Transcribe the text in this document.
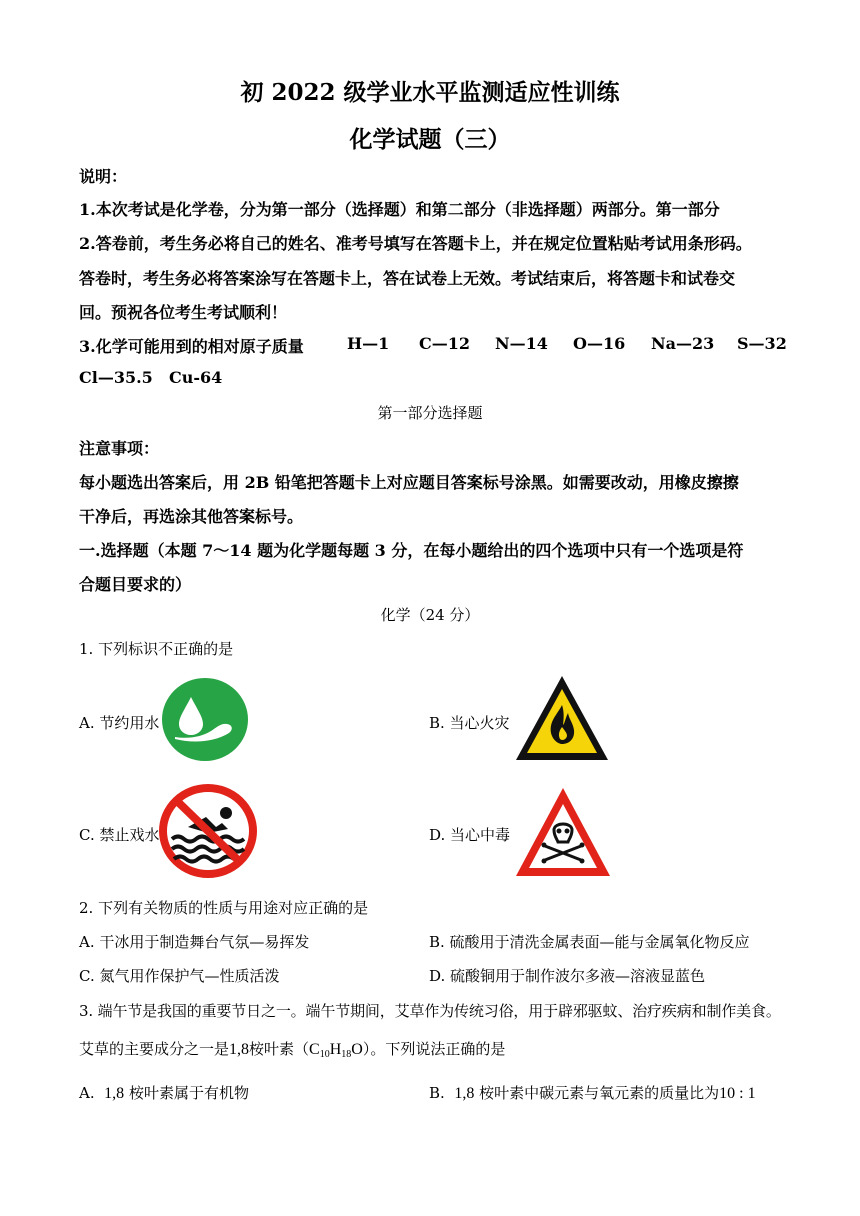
初 2022 级学业水平监测适应性训练
化学试题（三）
说明：
1.本次考试是化学卷，分为第一部分（选择题）和第二部分（非选择题）两部分。第一部分
2.答卷前，考生务必将自己的姓名、准考号填写在答题卡上，并在规定位置粘贴考试用条形码。
答卷时，考生务必将答案涂写在答题卡上，答在试卷上无效。考试结束后，将答题卡和试卷交
回。预祝各位考生考试顺利！
3.化学可能用到的相对原子质量	H—1 C—12 N—14 O—16 Na—23 S—32
Cl—35.5 Cu-64
第一部分选择题
注意事项：
每小题选出答案后，用 2B 铅笔把答题卡上对应题目答案标号涂黑。如需要改动，用橡皮擦擦
干净后，再选涂其他答案标号。
一.选择题（本题 7～14 题为化学题每题 3 分，在每小题给出的四个选项中只有一个选项是符
合题目要求的）
化学（24 分）
1. 下列标识不正确的是
A. 节约用水	B. 当心火灾
C. 禁止戏水	D. 当心中毒
2. 下列有关物质的性质与用途对应正确的是
A. 干冰用于制造舞台气氛—易挥发	B. 硫酸用于清洗金属表面—能与金属氧化物反应
C. 氮气用作保护气—性质活泼	D. 硫酸铜用于制作波尔多液—溶液显蓝色
3. 端午节是我国的重要节日之一。端午节期间，艾草作为传统习俗，用于辟邪驱蚊、治疗疾病和制作美食。
艾草的主要成分之一是1,8桉叶素$(C_{10}H_{18}O)$。下列说法正确的是
A. 1,8 桉叶素属于有机物	B. 1,8 桉叶素中碳元素与氧元素的质量比为10 : 1
